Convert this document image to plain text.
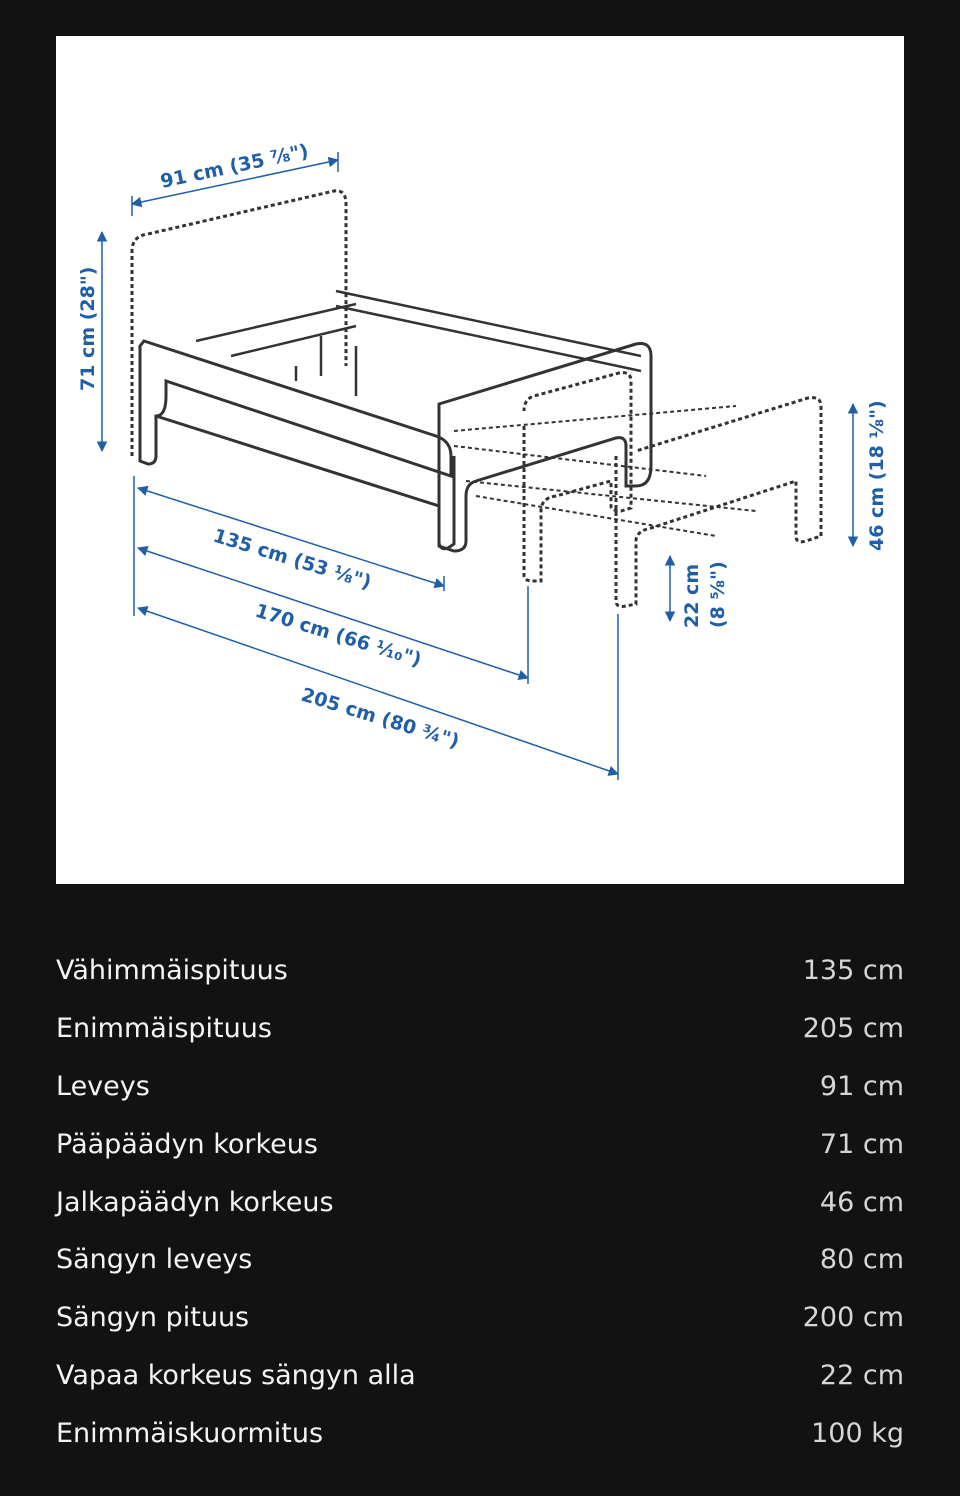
91 cm (35 ⅞")
71 cm (28")
135 cm (53 ⅛")
170 cm (66 ⅒")
205 cm (80 ¾")
22 cm (8 ⅝")
46 cm (18 ⅛")
Vähimmäispituus	135 cm
Enimmäispituus	205 cm
Leveys	91 cm
Pääpäädyn korkeus	71 cm
Jalkapäädyn korkeus	46 cm
Sängyn leveys	80 cm
Sängyn pituus	200 cm
Vapaa korkeus sängyn alla	22 cm
Enimmäiskuormitus	100 kg
